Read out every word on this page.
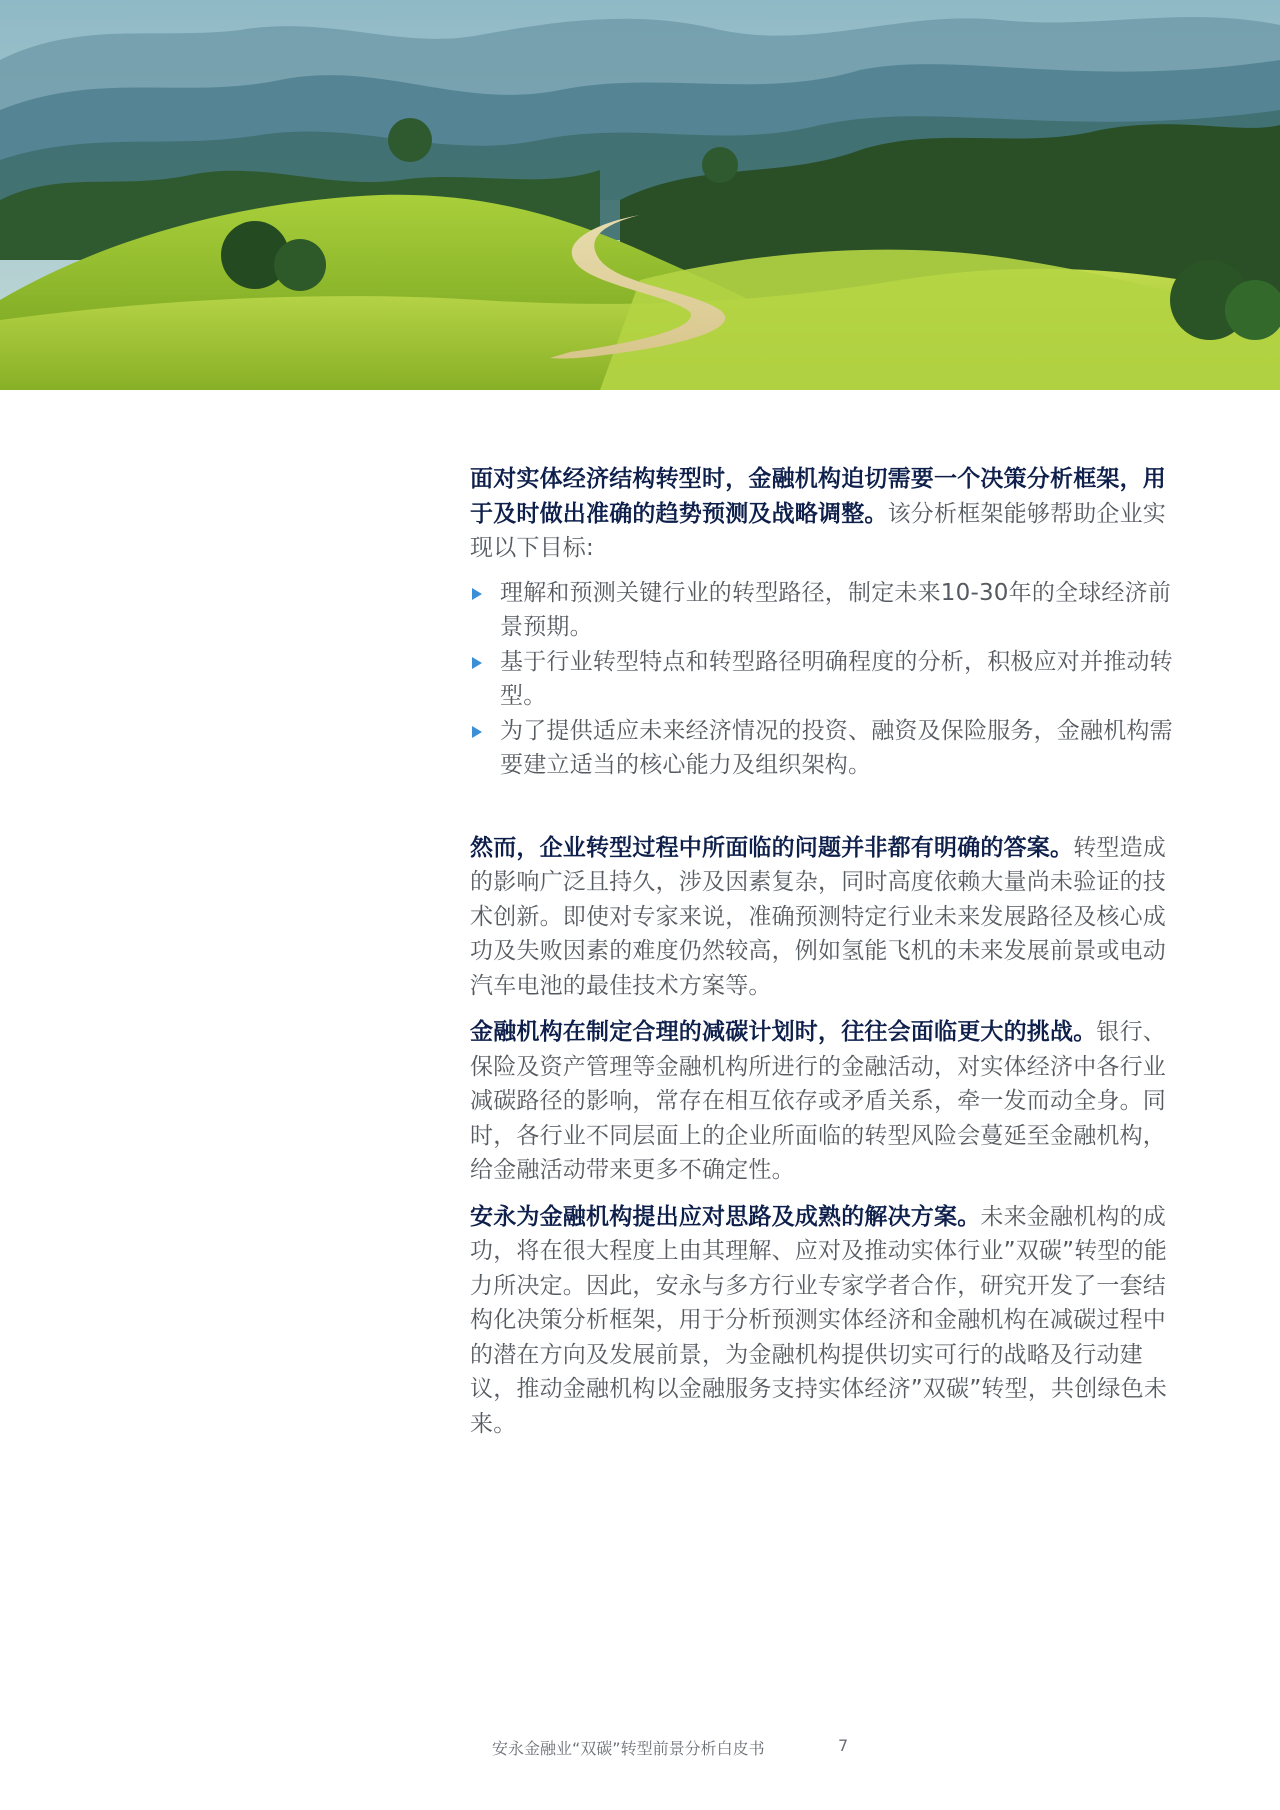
面对实体经济结构转型时，金融机构迫切需要一个决策分析框架，用于及时做出准确的趋势预测及战略调整。该分析框架能够帮助企业实现以下目标:

理解和预测关键行业的转型路径，制定未来10-30年的全球经济前景预期。
基于行业转型特点和转型路径明确程度的分析，积极应对并推动转型。
为了提供适应未来经济情况的投资、融资及保险服务，金融机构需要建立适当的核心能力及组织架构。

然而，企业转型过程中所面临的问题并非都有明确的答案。转型造成的影响广泛且持久，涉及因素复杂，同时高度依赖大量尚未验证的技术创新。即使对专家来说，准确预测特定行业未来发展路径及核心成功及失败因素的难度仍然较高，例如氢能飞机的未来发展前景或电动汽车电池的最佳技术方案等。

金融机构在制定合理的减碳计划时，往往会面临更大的挑战。银行、保险及资产管理等金融机构所进行的金融活动，对实体经济中各行业减碳路径的影响，常存在相互依存或矛盾关系，牵一发而动全身。同时，各行业不同层面上的企业所面临的转型风险会蔓延至金融机构，给金融活动带来更多不确定性。

安永为金融机构提出应对思路及成熟的解决方案。未来金融机构的成功，将在很大程度上由其理解、应对及推动实体行业”双碳”转型的能力所决定。因此，安永与多方行业专家学者合作，研究开发了一套结构化决策分析框架，用于分析预测实体经济和金融机构在减碳过程中的潜在方向及发展前景，为金融机构提供切实可行的战略及行动建议，推动金融机构以金融服务支持实体经济”双碳”转型，共创绿色未来。

安永金融业“双碳”转型前景分析白皮书	7
